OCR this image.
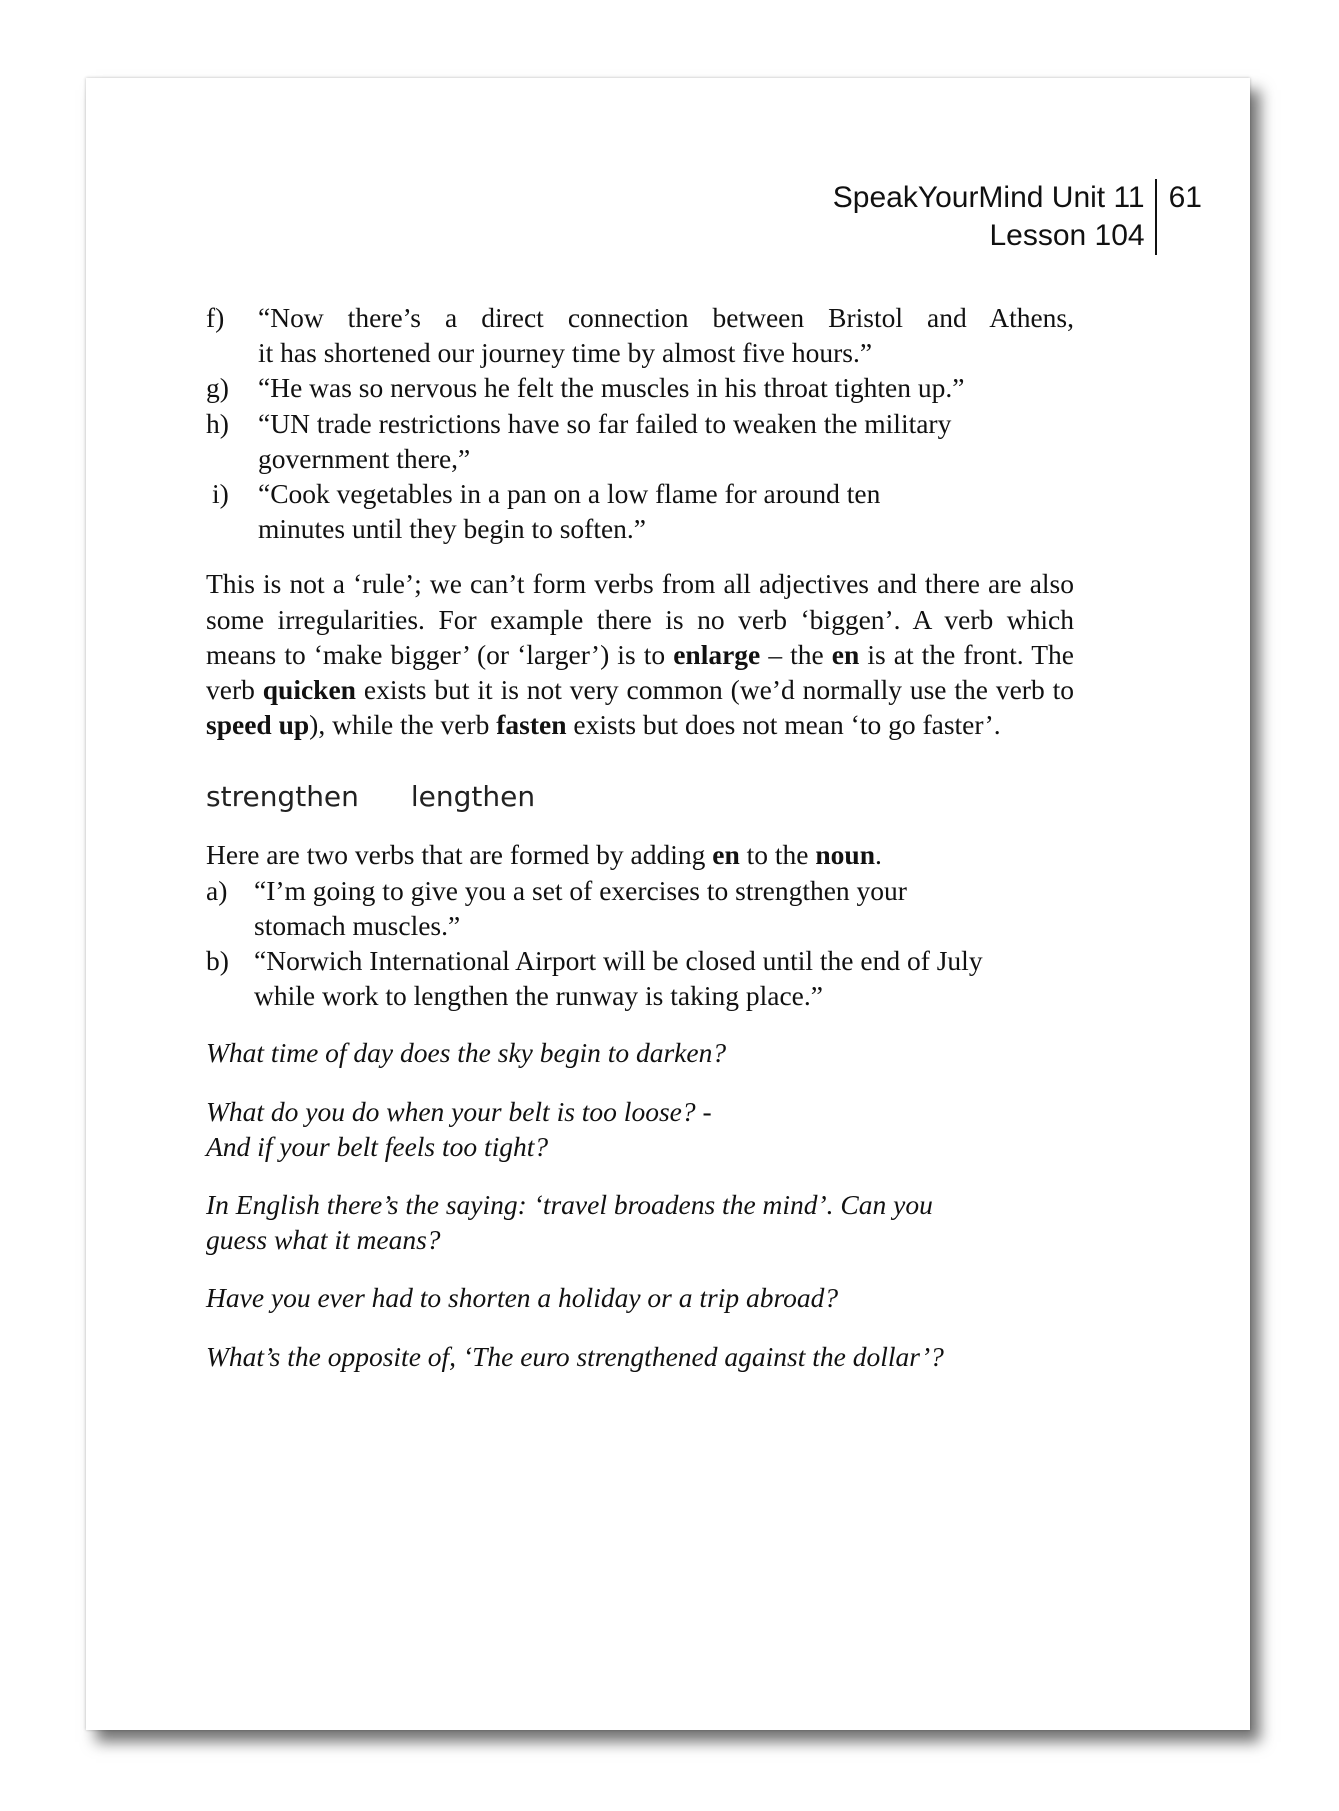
SpeakYourMind Unit 11
Lesson 104
61
f)	“Now there’s a direct connection between Bristol and Athens,
it has shortened our journey time by almost five hours.”
g)	“He was so nervous he felt the muscles in his throat tighten up.”
h)	“UN trade restrictions have so far failed to weaken the military
government there,”
i)	“Cook vegetables in a pan on a low flame for around ten
minutes until they begin to soften.”
This is not a ‘rule’; we can’t form verbs from all adjectives and there are also some irregularities. For example there is no verb ‘biggen’. A verb which means to ‘make bigger’ (or ‘larger’) is to enlarge – the en is at the front. The verb quicken exists but it is not very common (we’d normally use the verb to speed up), while the verb fasten exists but does not mean ‘to go faster’.
strengthen lengthen
Here are two verbs that are formed by adding en to the noun.
a) “I’m going to give you a set of exercises to strengthen your
stomach muscles.”
b) “Norwich International Airport will be closed until the end of July
while work to lengthen the runway is taking place.”
What time of day does the sky begin to darken?
What do you do when your belt is too loose? -
And if your belt feels too tight?
In English there’s the saying: ‘travel broadens the mind’. Can you
guess what it means?
Have you ever had to shorten a holiday or a trip abroad?
What’s the opposite of, ‘The euro strengthened against the dollar’?
